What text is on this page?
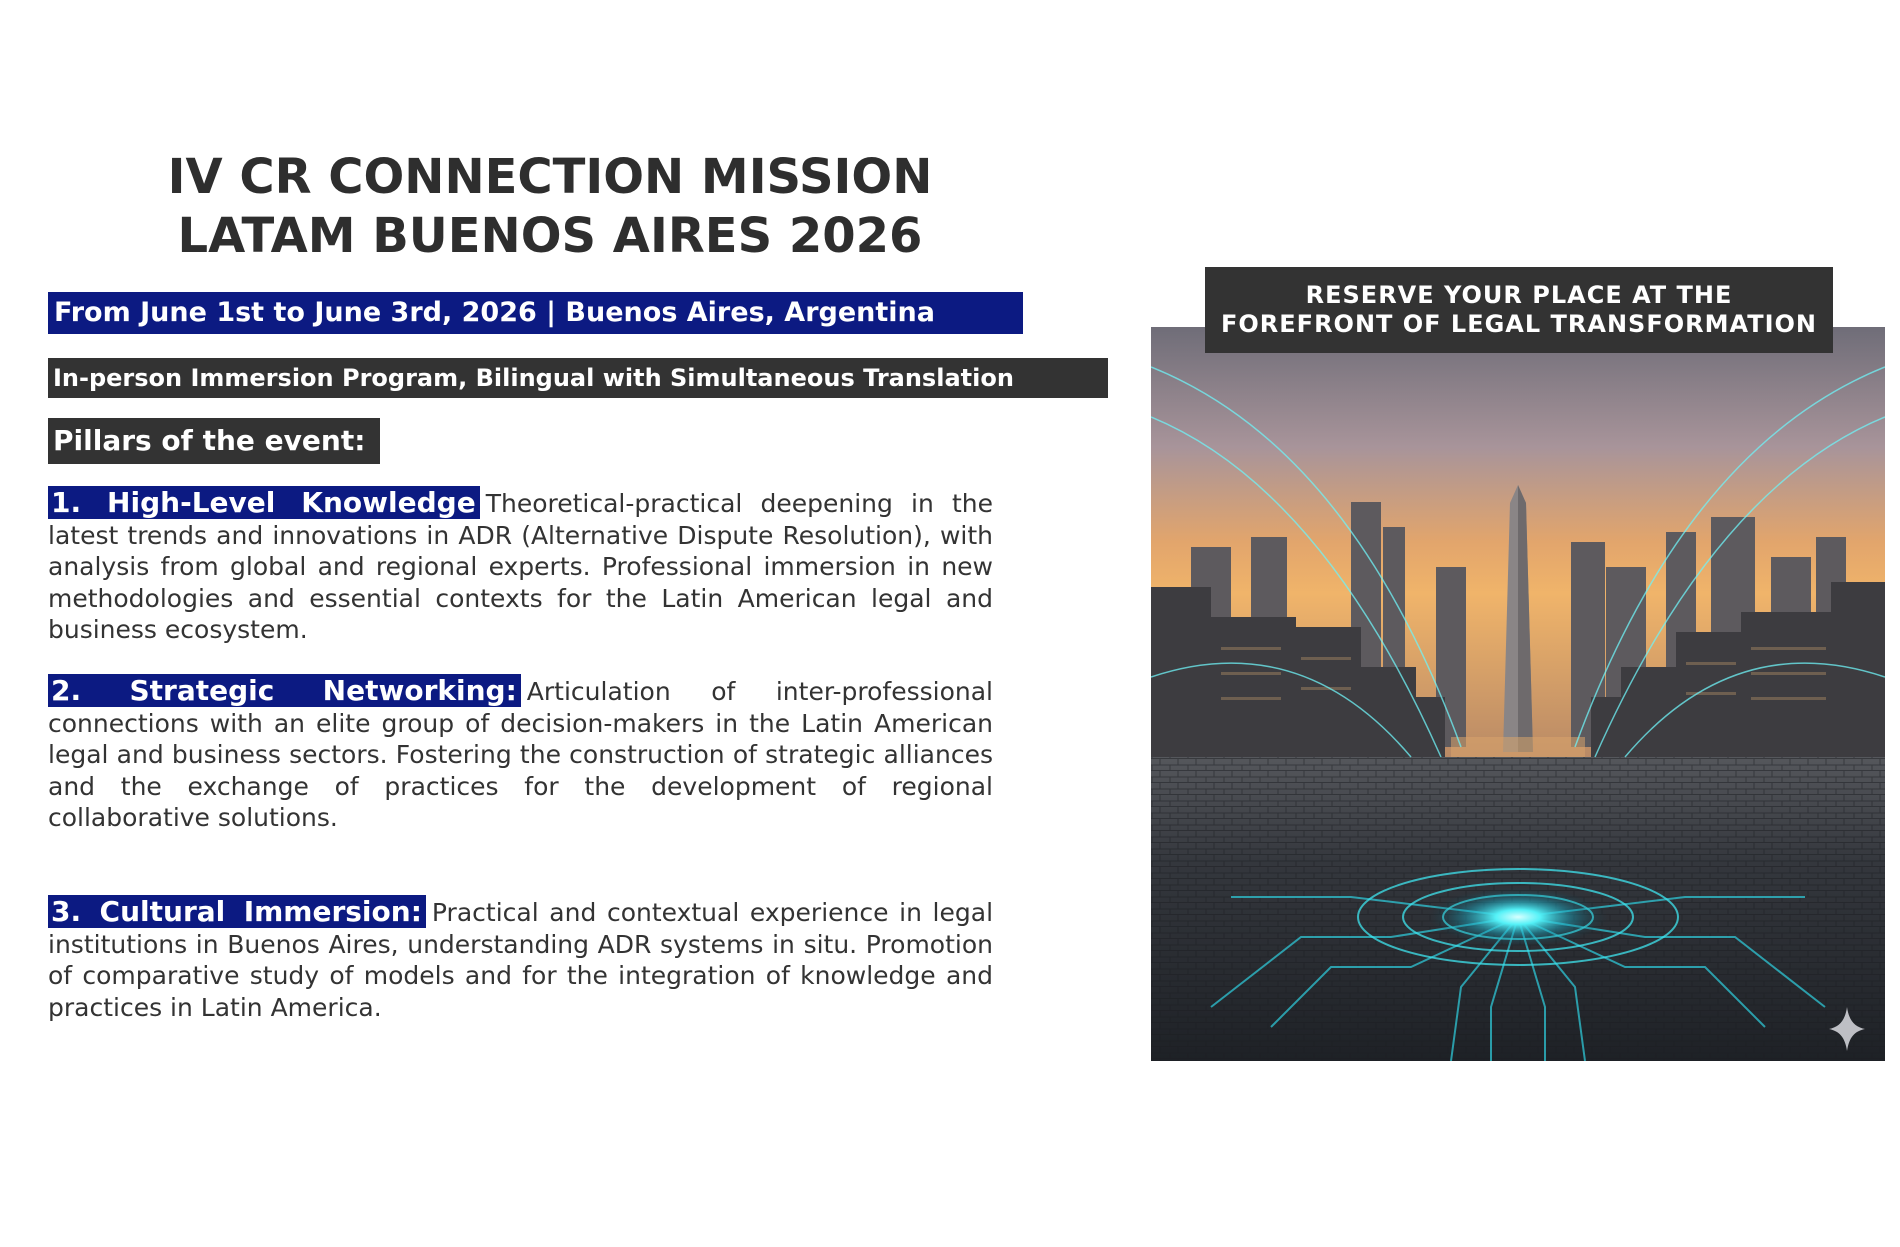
IV CR CONNECTION MISSION
LATAM BUENOS AIRES 2026
From June 1st to June 3rd, 2026 | Buenos Aires, Argentina
In-person Immersion Program, Bilingual with Simultaneous Translation
Pillars of the event:

1. High-Level Knowledge Theoretical-practical deepening in the latest trends and innovations in ADR (Alternative Dispute Resolution), with analysis from global and regional experts. Professional immersion in new methodologies and essential contexts for the Latin American legal and business ecosystem.

2. Strategic Networking: Articulation of inter-professional connections with an elite group of decision-makers in the Latin American legal and business sectors. Fostering the construction of strategic alliances and the exchange of practices for the development of regional collaborative solutions.

3. Cultural Immersion: Practical and contextual experience in legal institutions in Buenos Aires, understanding ADR systems in situ. Promotion of comparative study of models and for the integration of knowledge and practices in Latin America.

RESERVE YOUR PLACE AT THE
FOREFRONT OF LEGAL TRANSFORMATION
